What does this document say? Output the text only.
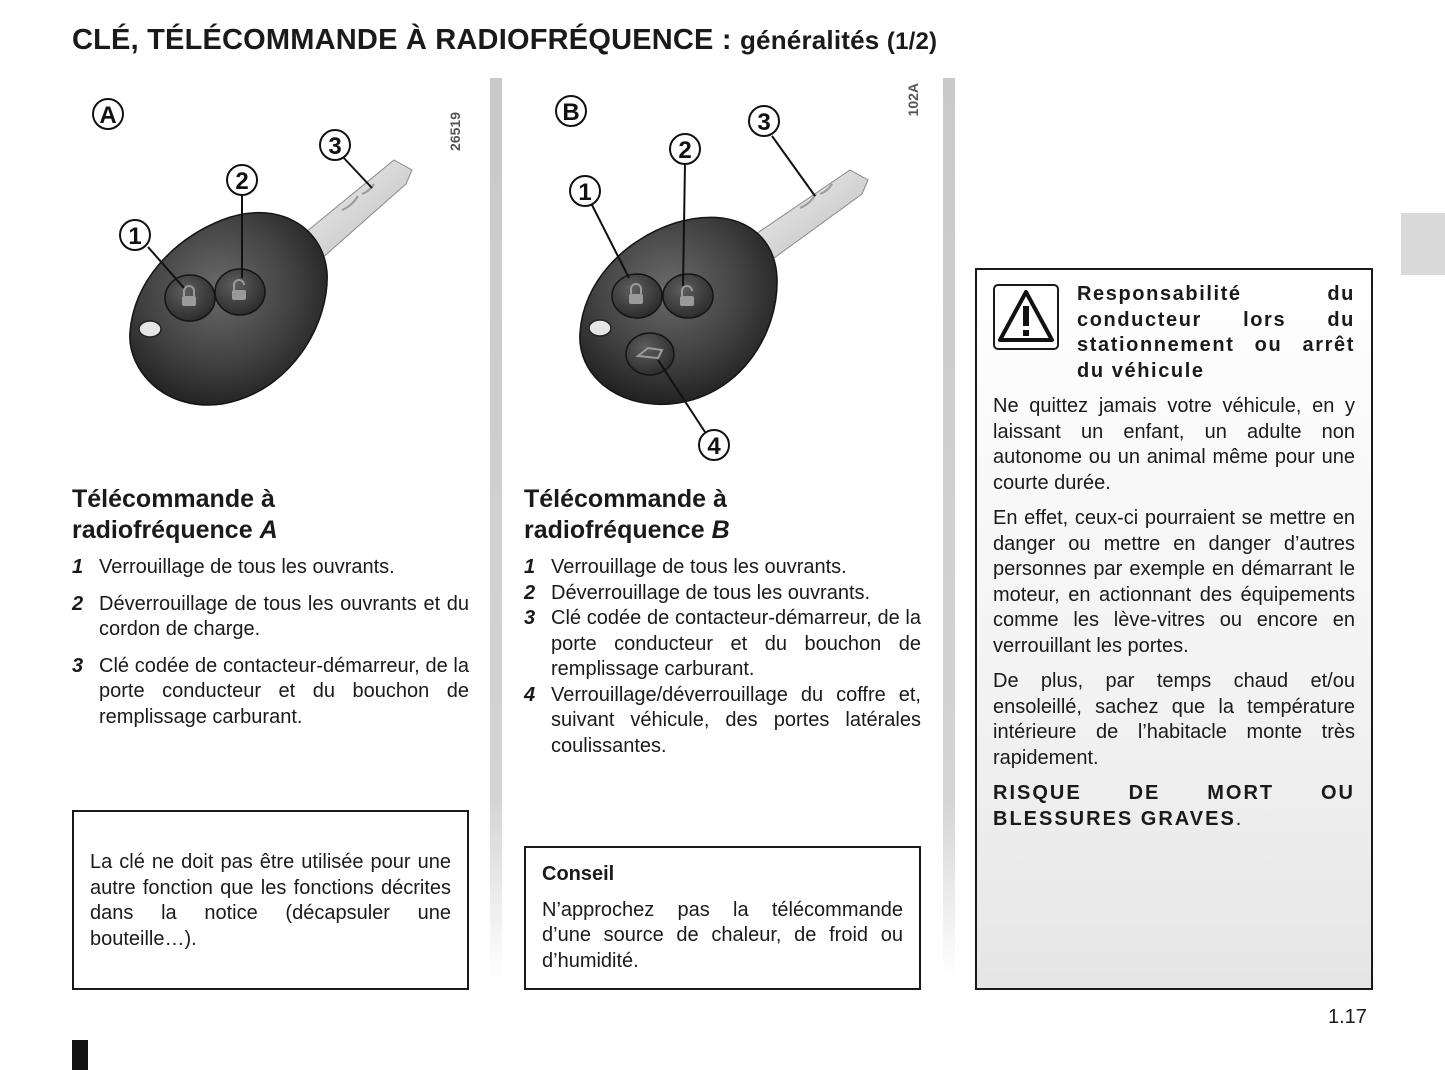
CLÉ, TÉLÉCOMMANDE À RADIOFRÉQUENCE : généralités (1/2)
A
1
2
3	26519
Télécommande à
radiofréquence A
1 Verrouillage de tous les ouvrants.
2 Déverrouillage de tous les ouvrants et du cordon de charge.
3 Clé codée de contacteur-démarreur, de la porte conducteur et du bouchon de remplissage carburant.
La clé ne doit pas être utilisée pour une autre fonction que les fonctions décrites dans la notice (décapsuler une bouteille…).
B
1
2
3
4
102A
Télécommande à
radiofréquence B
1 Verrouillage de tous les ouvrants.
2 Déverrouillage de tous les ouvrants.
3 Clé codée de contacteur-démarreur, de la porte conducteur et du bouchon de remplissage carburant.
4 Verrouillage/déverrouillage du coffre et, suivant véhicule, des portes latérales coulissantes.
Conseil
N’approchez pas la télécommande d’une source de chaleur, de froid ou d’humidité.
Responsabilité du conducteur lors du stationnement ou arrêt du véhicule

Ne quittez jamais votre véhicule, en y laissant un enfant, un adulte non autonome ou un animal même pour une courte durée.

En effet, ceux-ci pourraient se mettre en danger ou mettre en danger d’autres personnes par exemple en démarrant le moteur, en actionnant des équipements comme les lève-vitres ou encore en verrouillant les portes.

De plus, par temps chaud et/ou ensoleillé, sachez que la température intérieure de l’habitacle monte très rapidement.

RISQUE DE MORT OU BLESSURES GRAVES.

1.17
